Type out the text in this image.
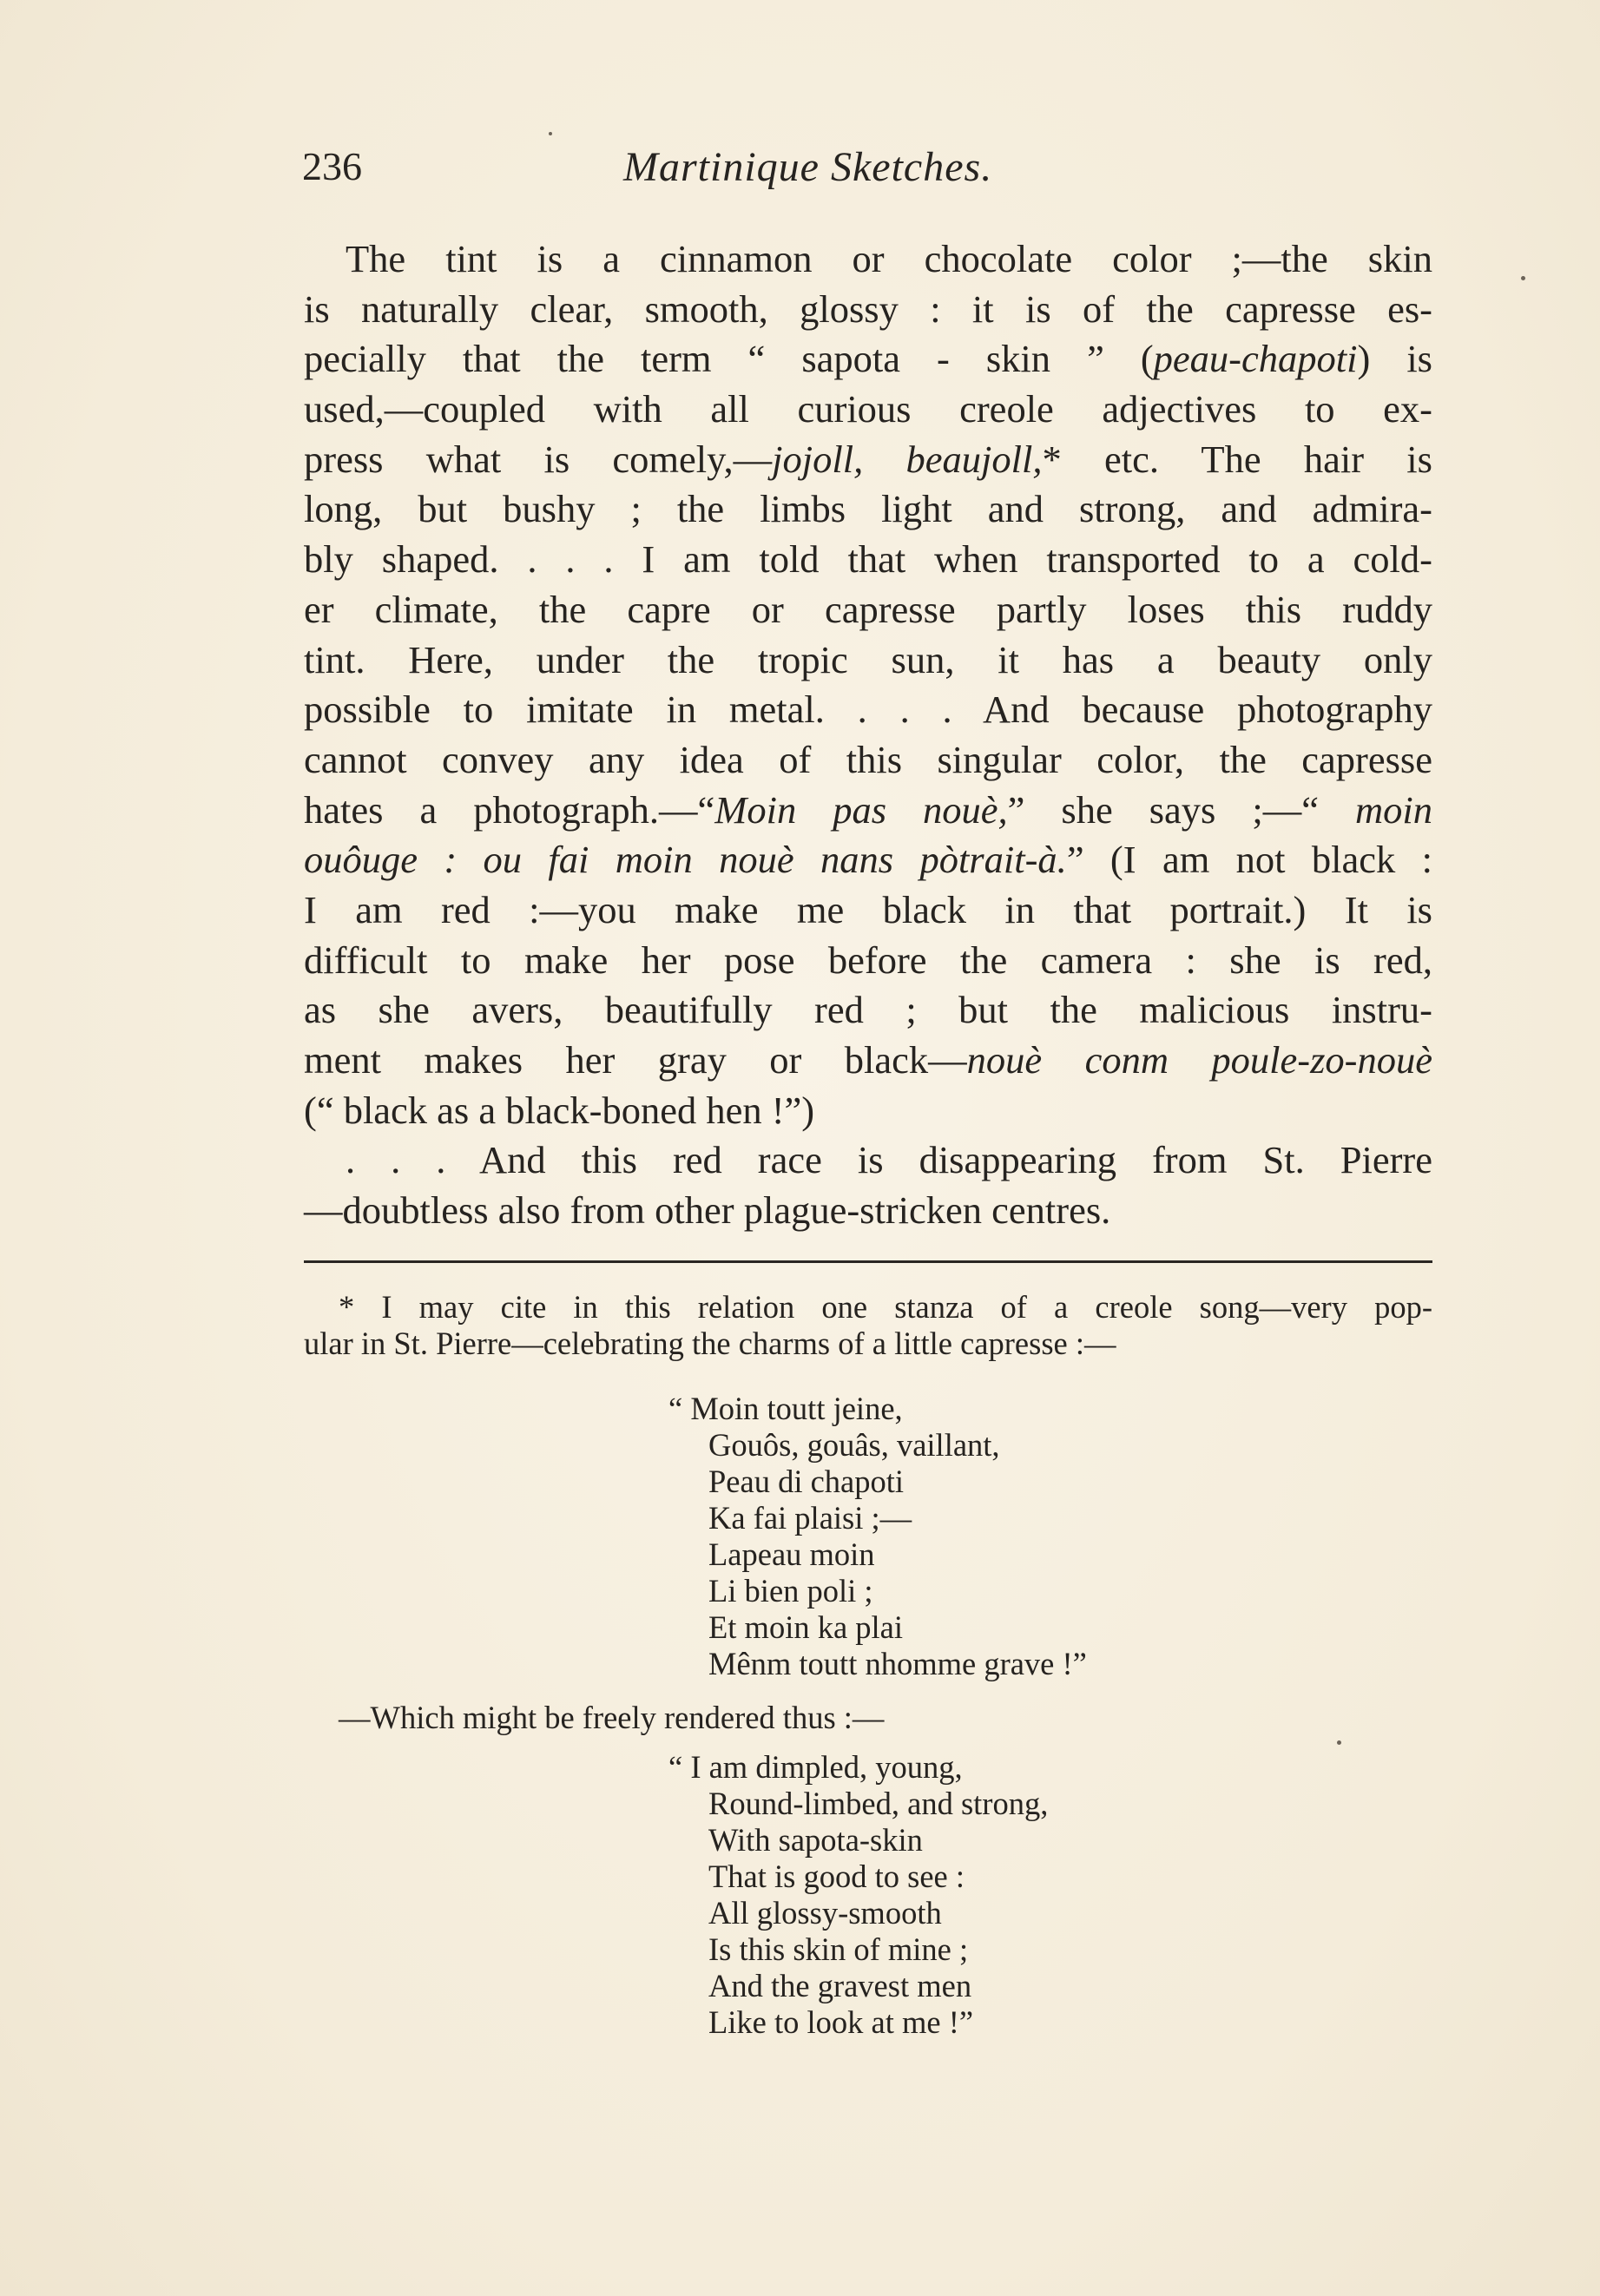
236	Martinique Sketches.
The tint is a cinnamon or chocolate color ;—the skin
is naturally clear, smooth, glossy : it is of the capresse es-
pecially that the term “ sapota - skin ” (peau-chapoti) is
used,—coupled with all curious creole adjectives to ex-
press what is comely,—jojoll, beaujoll,* etc. The hair is
long, but bushy ; the limbs light and strong, and admira-
bly shaped. . . . I am told that when transported to a cold-
er climate, the capre or capresse partly loses this ruddy
tint. Here, under the tropic sun, it has a beauty only
possible to imitate in metal. . . . And because photography
cannot convey any idea of this singular color, the capresse
hates a photograph.—“Moin pas nouè,” she says ;—“ moin
ouôuge : ou fai moin nouè nans pòtrait-à.” (I am not black :
I am red :—you make me black in that portrait.) It is
difficult to make her pose before the camera : she is red,
as she avers, beautifully red ; but the malicious instru-
ment makes her gray or black—nouè conm poule-zo-nouè
(“ black as a black-boned hen !”)
. . . And this red race is disappearing from St. Pierre
—doubtless also from other plague-stricken centres.
* I may cite in this relation one stanza of a creole song—very pop-
ular in St. Pierre—celebrating the charms of a little capresse :—
“ Moin toutt jeine,
Gouôs, gouâs, vaillant,
Peau di chapoti
Ka fai plaisi ;—
Lapeau moin
Li bien poli ;
Et moin ka plai
Mênm toutt nhomme grave !”
—Which might be freely rendered thus :—
“ I am dimpled, young,
Round-limbed, and strong,
With sapota-skin
That is good to see :
All glossy-smooth
Is this skin of mine ;
And the gravest men
Like to look at me !”
